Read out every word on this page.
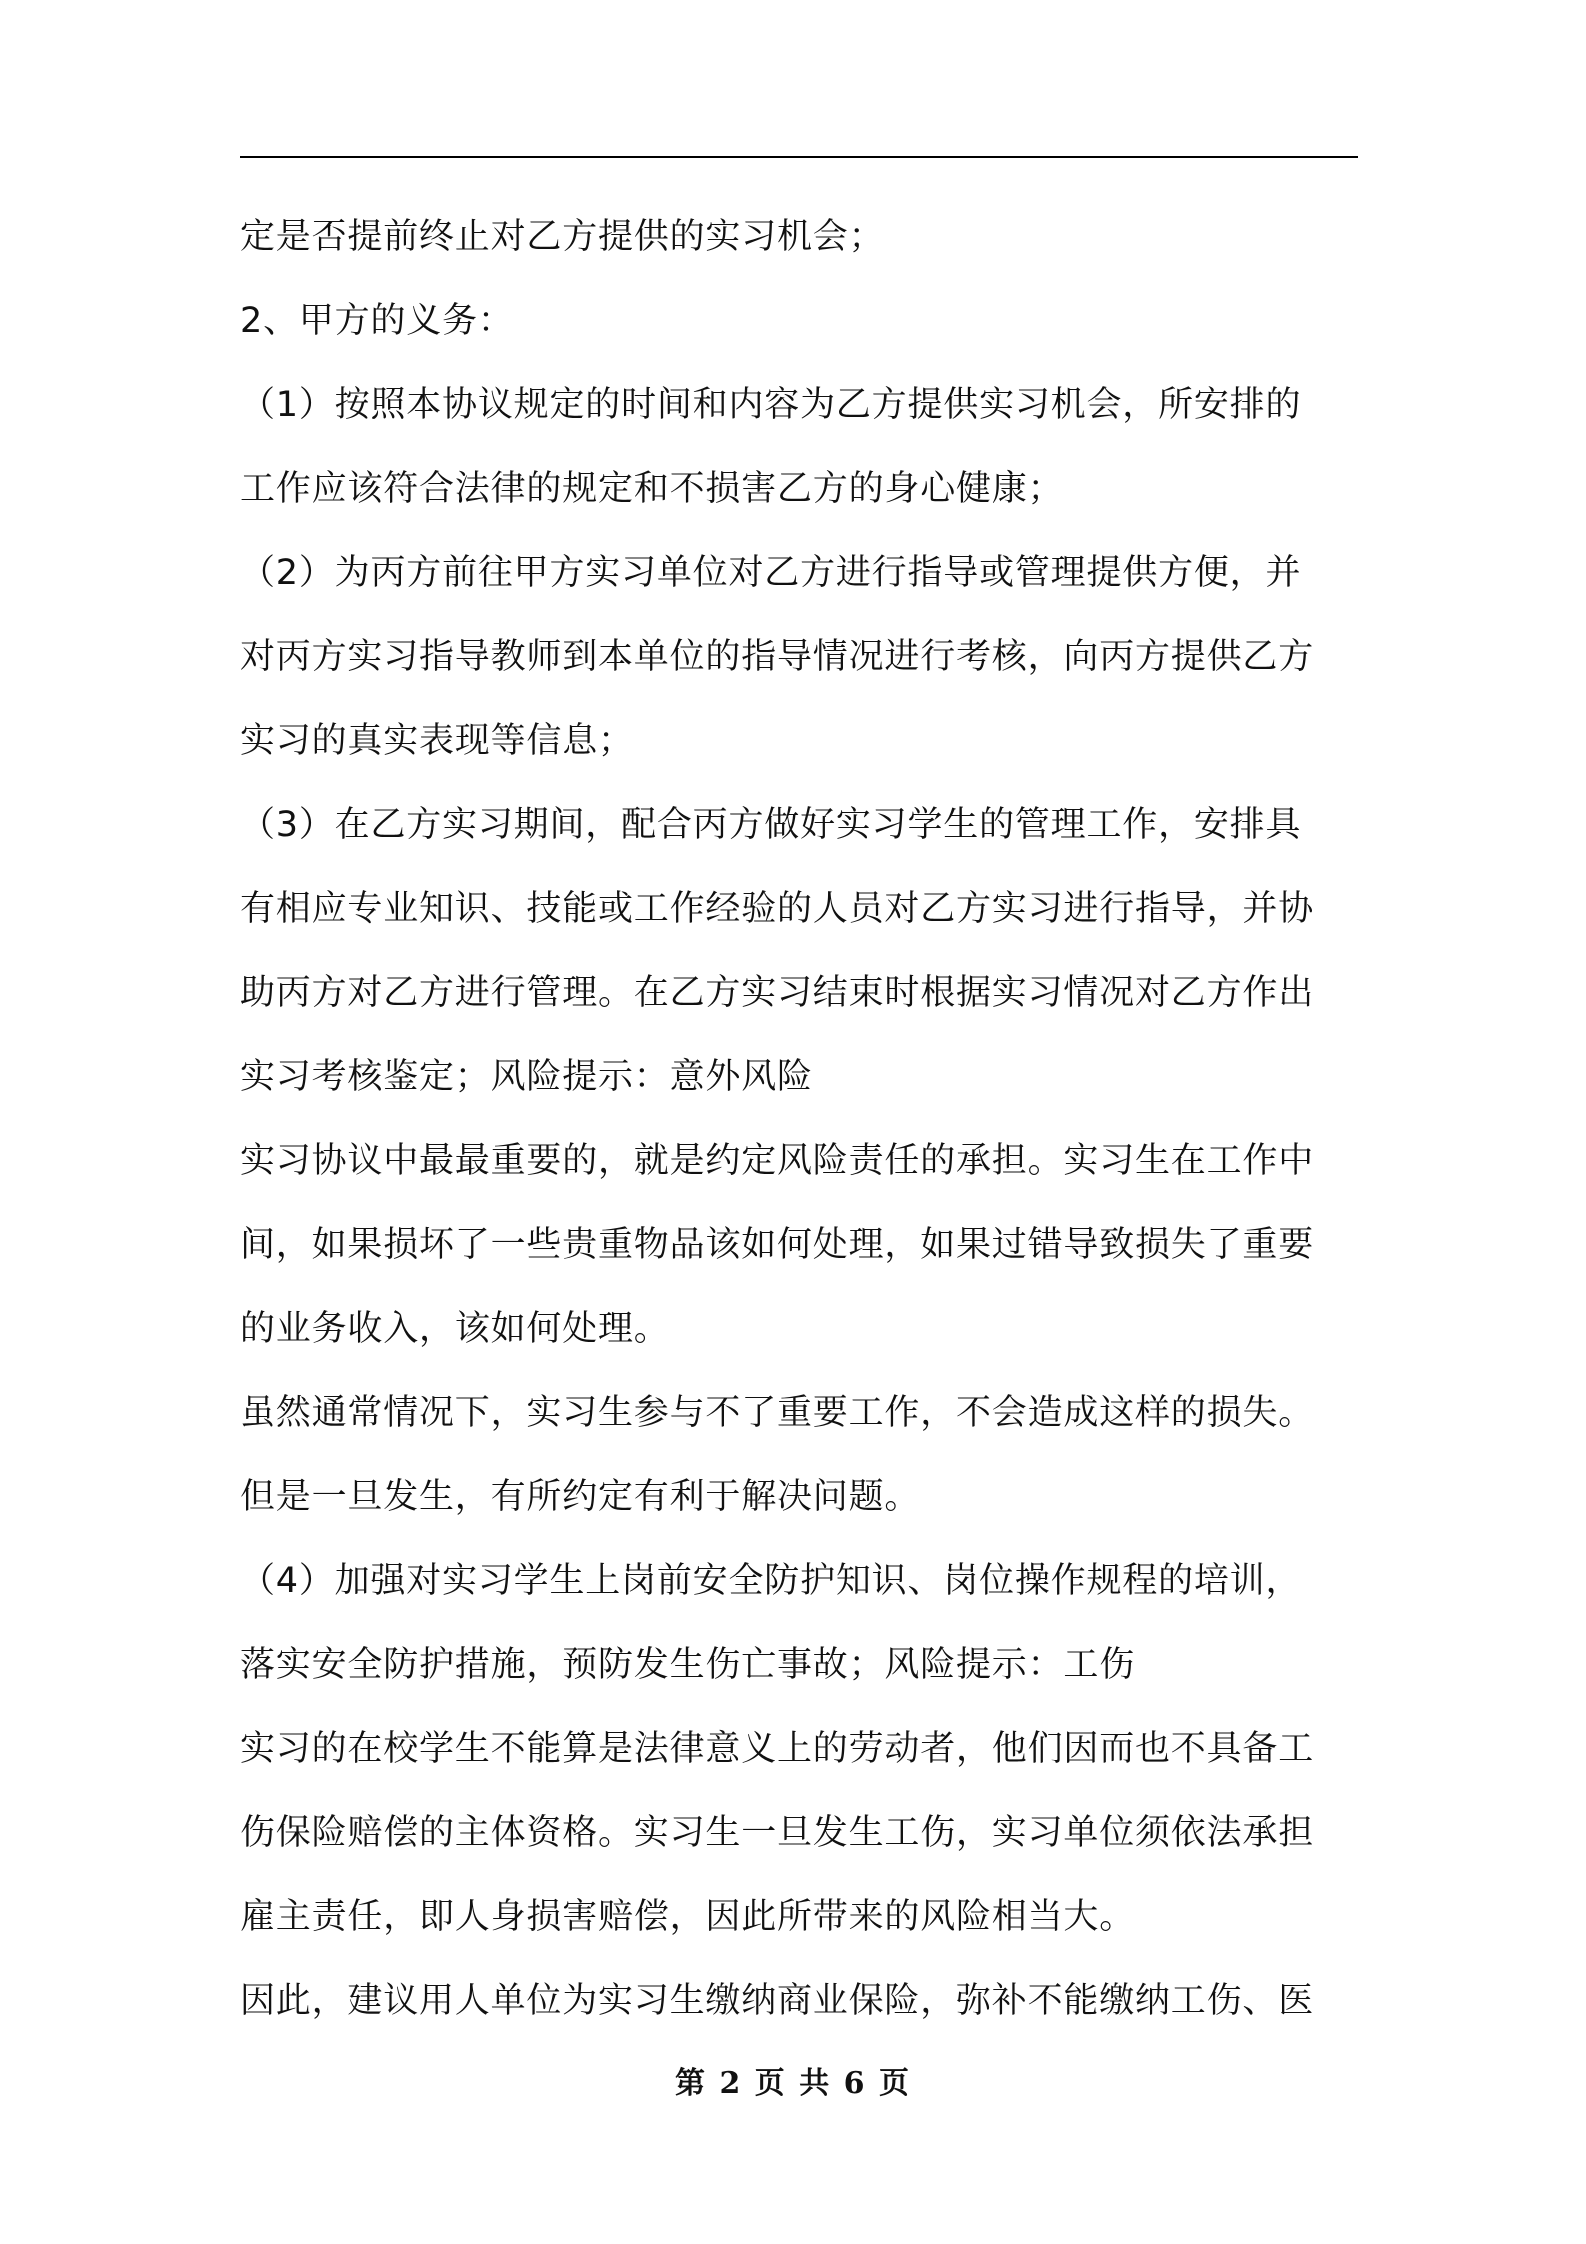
定是否提前终止对乙方提供的实习机会；
2、甲方的义务：
（1）按照本协议规定的时间和内容为乙方提供实习机会，所安排的
工作应该符合法律的规定和不损害乙方的身心健康；
（2）为丙方前往甲方实习单位对乙方进行指导或管理提供方便，并
对丙方实习指导教师到本单位的指导情况进行考核，向丙方提供乙方
实习的真实表现等信息；
（3）在乙方实习期间，配合丙方做好实习学生的管理工作，安排具
有相应专业知识、技能或工作经验的人员对乙方实习进行指导，并协
助丙方对乙方进行管理。在乙方实习结束时根据实习情况对乙方作出
实习考核鉴定；风险提示：意外风险
实习协议中最最重要的，就是约定风险责任的承担。实习生在工作中
间，如果损坏了一些贵重物品该如何处理，如果过错导致损失了重要
的业务收入，该如何处理。
虽然通常情况下，实习生参与不了重要工作，不会造成这样的损失。
但是一旦发生，有所约定有利于解决问题。
（4）加强对实习学生上岗前安全防护知识、岗位操作规程的培训，
落实安全防护措施，预防发生伤亡事故；风险提示：工伤
实习的在校学生不能算是法律意义上的劳动者，他们因而也不具备工
伤保险赔偿的主体资格。实习生一旦发生工伤，实习单位须依法承担
雇主责任，即人身损害赔偿，因此所带来的风险相当大。
因此，建议用人单位为实习生缴纳商业保险，弥补不能缴纳工伤、医
第 2 页 共 6 页
